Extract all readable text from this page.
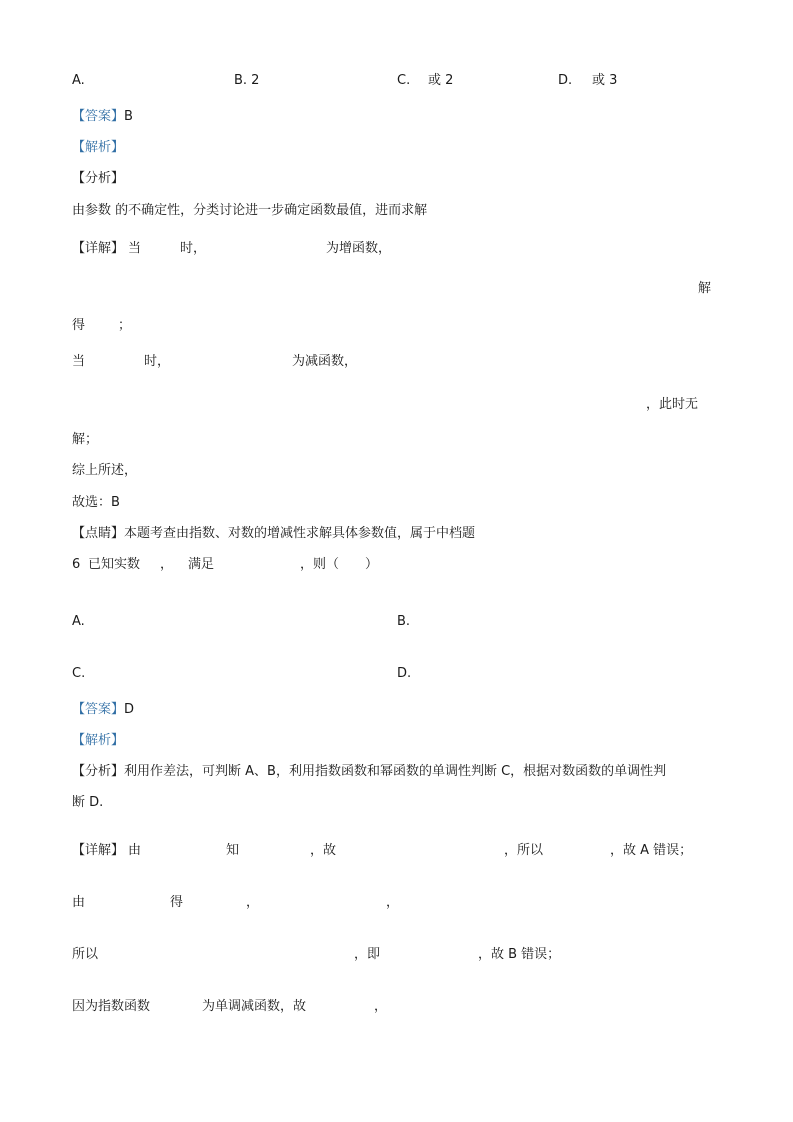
A.	B. 2	C. 或 2	D. 或 3
【答案】B
【解析】
【分析】
由参数 的不确定性，分类讨论进一步确定函数最值，进而求解
【详解】 当	时，	为增函数，
解
得	；
当	时，	为减函数，
，此时无
解；
综上所述，
故选：B
【点睛】本题考查由指数、对数的增减性求解具体参数值，属于中档题
6 已知实数 ， 满足	，则（　　）
A.	B.
C.	D.
【答案】D
【解析】
【分析】利用作差法，可判断 A、B，利用指数函数和幂函数的单调性判断 C，根据对数函数的单调性判
断 D.
【详解】 由	知	，故	，所以	，故 A 错误；
由	得	，	，
所以	，即	，故 B 错误；
因为指数函数	为单调减函数，故	，
